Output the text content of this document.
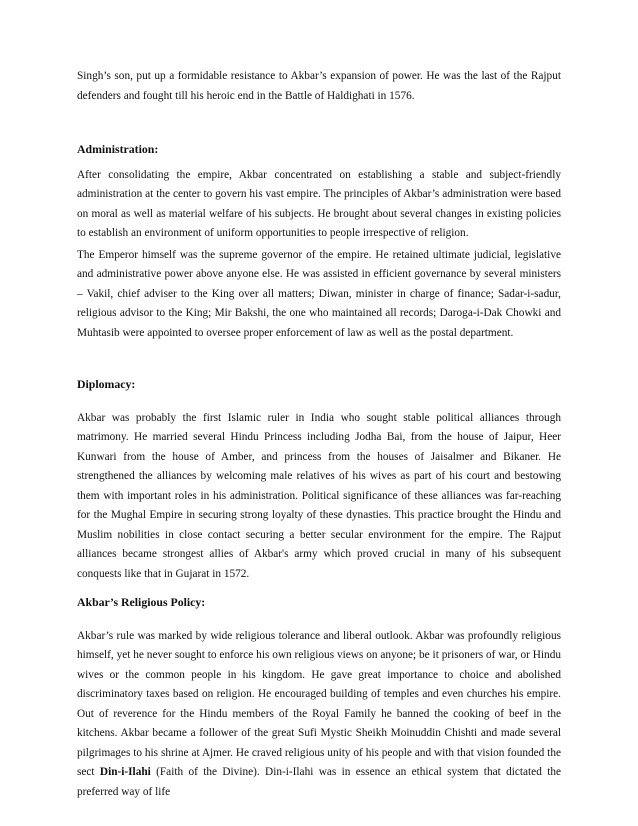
Singh’s son, put up a formidable resistance to Akbar’s expansion of power. He was the last of the Rajput defenders and fought till his heroic end in the Battle of Haldighati in 1576.

Administration:

After consolidating the empire, Akbar concentrated on establishing a stable and subject-friendly administration at the center to govern his vast empire. The principles of Akbar’s administration were based on moral as well as material welfare of his subjects. He brought about several changes in existing policies to establish an environment of uniform opportunities to people irrespective of religion.

The Emperor himself was the supreme governor of the empire. He retained ultimate judicial, legislative and administrative power above anyone else. He was assisted in efficient governance by several ministers – Vakil, chief adviser to the King over all matters; Diwan, minister in charge of finance; Sadar-i-sadur, religious advisor to the King; Mir Bakshi, the one who maintained all records; Daroga-i-Dak Chowki and Muhtasib were appointed to oversee proper enforcement of law as well as the postal department.

Diplomacy:

Akbar was probably the first Islamic ruler in India who sought stable political alliances through matrimony. He married several Hindu Princess including Jodha Bai, from the house of Jaipur, Heer Kunwari from the house of Amber, and princess from the houses of Jaisalmer and Bikaner. He strengthened the alliances by welcoming male relatives of his wives as part of his court and bestowing them with important roles in his administration. Political significance of these alliances was far-reaching for the Mughal Empire in securing strong loyalty of these dynasties. This practice brought the Hindu and Muslim nobilities in close contact securing a better secular environment for the empire. The Rajput alliances became strongest allies of Akbar's army which proved crucial in many of his subsequent conquests like that in Gujarat in 1572.

Akbar’s Religious Policy:

Akbar’s rule was marked by wide religious tolerance and liberal outlook. Akbar was profoundly religious himself, yet he never sought to enforce his own religious views on anyone; be it prisoners of war, or Hindu wives or the common people in his kingdom. He gave great importance to choice and abolished discriminatory taxes based on religion. He encouraged building of temples and even churches his empire. Out of reverence for the Hindu members of the Royal Family he banned the cooking of beef in the kitchens. Akbar became a follower of the great Sufi Mystic Sheikh Moinuddin Chishti and made several pilgrimages to his shrine at Ajmer. He craved religious unity of his people and with that vision founded the sect Din-i-Ilahi (Faith of the Divine). Din-i-Ilahi was in essence an ethical system that dictated the preferred way of life
